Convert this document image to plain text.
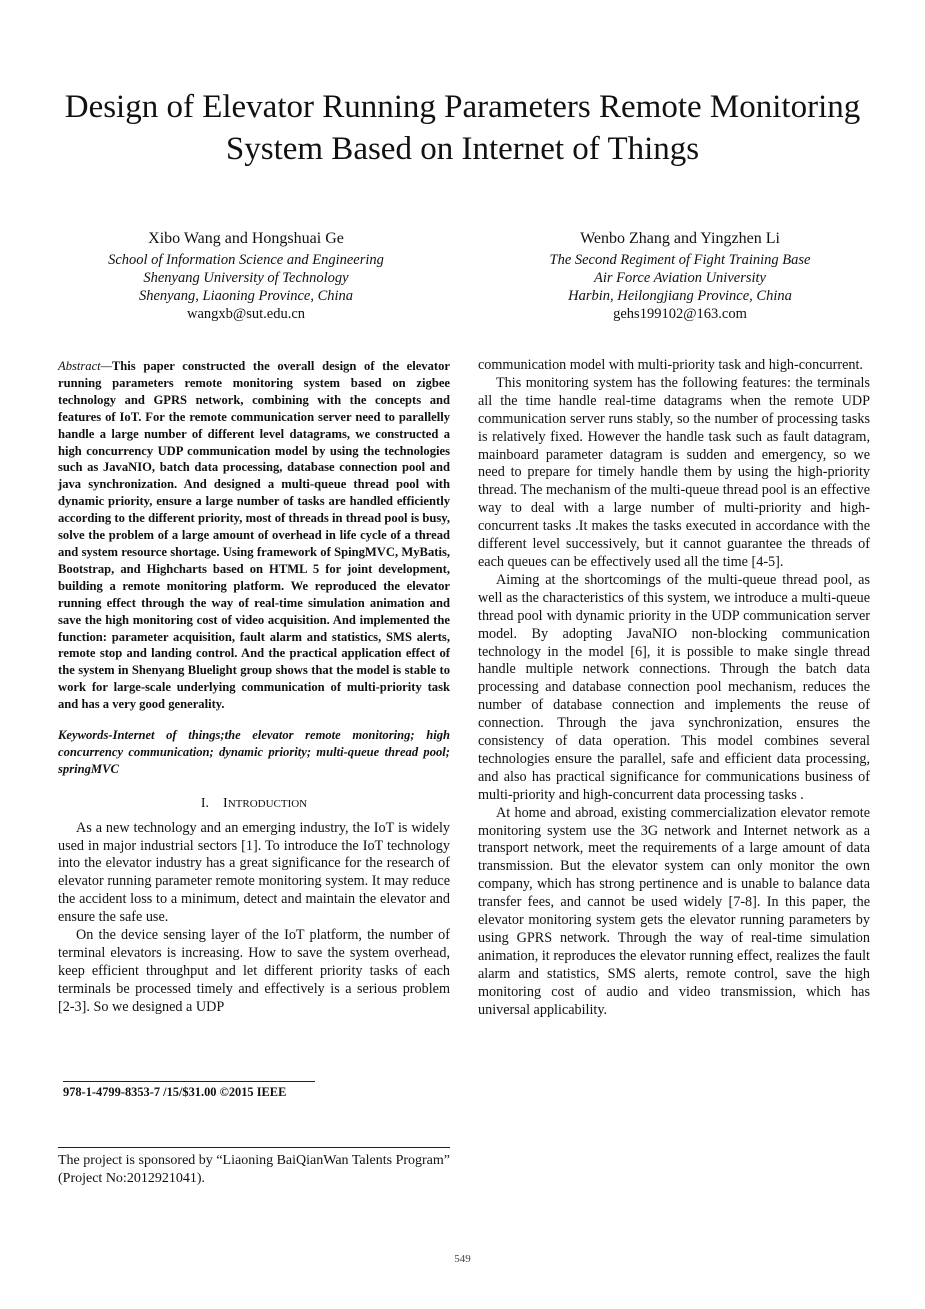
Design of Elevator Running Parameters Remote Monitoring System Based on Internet of Things
Xibo Wang and Hongshuai Ge
School of Information Science and Engineering
Shenyang University of Technology
Shenyang, Liaoning Province, China
wangxb@sut.edu.cn
Wenbo Zhang and Yingzhen Li
The Second Regiment of Fight Training Base
Air Force Aviation University
Harbin, Heilongjiang Province, China
gehs199102@163.com

Abstract—This paper constructed the overall design of the elevator running parameters remote monitoring system based on zigbee technology and GPRS network, combining with the concepts and features of IoT. For the remote communication server need to parallelly handle a large number of different level datagrams, we constructed a high concurrency UDP communication model by using the technologies such as JavaNIO, batch data processing, database connection pool and java synchronization. And designed a multi-queue thread pool with dynamic priority, ensure a large number of tasks are handled efficiently according to the different priority, most of threads in thread pool is busy, solve the problem of a large amount of overhead in life cycle of a thread and system resource shortage. Using framework of SpingMVC, MyBatis, Bootstrap, and Highcharts based on HTML 5 for joint development, building a remote monitoring platform. We reproduced the elevator running effect through the way of real-time simulation animation and save the high monitoring cost of video acquisition. And implemented the function: parameter acquisition, fault alarm and statistics, SMS alerts, remote stop and landing control. And the practical application effect of the system in Shenyang Bluelight group shows that the model is stable to work for large-scale underlying communication of multi-priority task and has a very good generality.

Keywords-Internet of things;the elevator remote monitoring; high concurrency communication; dynamic priority; multi-queue thread pool; springMVC

I. INTRODUCTION

As a new technology and an emerging industry, the IoT is widely used in major industrial sectors [1]. To introduce the IoT technology into the elevator industry has a great significance for the research of elevator running parameter remote monitoring system. It may reduce the accident loss to a minimum, detect and maintain the elevator and ensure the safe use.

On the device sensing layer of the IoT platform, the number of terminal elevators is increasing. How to save the system overhead, keep efficient throughput and let different priority tasks of each terminals be processed timely and effectively is a serious problem [2-3]. So we designed a UDP

communication model with multi-priority task and high-concurrent.

This monitoring system has the following features: the terminals all the time handle real-time datagrams when the remote UDP communication server runs stably, so the number of processing tasks is relatively fixed. However the handle task such as fault datagram, mainboard parameter datagram is sudden and emergency, so we need to prepare for timely handle them by using the high-priority thread. The mechanism of the multi-queue thread pool is an effective way to deal with a large number of multi-priority and high-concurrent tasks .It makes the tasks executed in accordance with the different level successively, but it cannot guarantee the threads of each queues can be effectively used all the time [4-5].

Aiming at the shortcomings of the multi-queue thread pool, as well as the characteristics of this system, we introduce a multi-queue thread pool with dynamic priority in the UDP communication server model. By adopting JavaNIO non-blocking communication technology in the model [6], it is possible to make single thread handle multiple network connections. Through the batch data processing and database connection pool mechanism, reduces the number of database connection and implements the reuse of connection. Through the java synchronization, ensures the consistency of data operation. This model combines several technologies ensure the parallel, safe and efficient data processing, and also has practical significance for communications business of multi-priority and high-concurrent data processing tasks .

At home and abroad, existing commercialization elevator remote monitoring system use the 3G network and Internet network as a transport network, meet the requirements of a large amount of data transmission. But the elevator system can only monitor the own company, which has strong pertinence and is unable to balance data transfer fees, and cannot be used widely [7-8]. In this paper, the elevator monitoring system gets the elevator running parameters by using GPRS network. Through the way of real-time simulation animation, it reproduces the elevator running effect, realizes the fault alarm and statistics, SMS alerts, remote control, save the high monitoring cost of audio and video transmission, which has universal applicability.

978-1-4799-8353-7 /15/$31.00 ©2015 IEEE
The project is sponsored by “Liaoning BaiQianWan Talents Program” (Project No:2012921041).
549
